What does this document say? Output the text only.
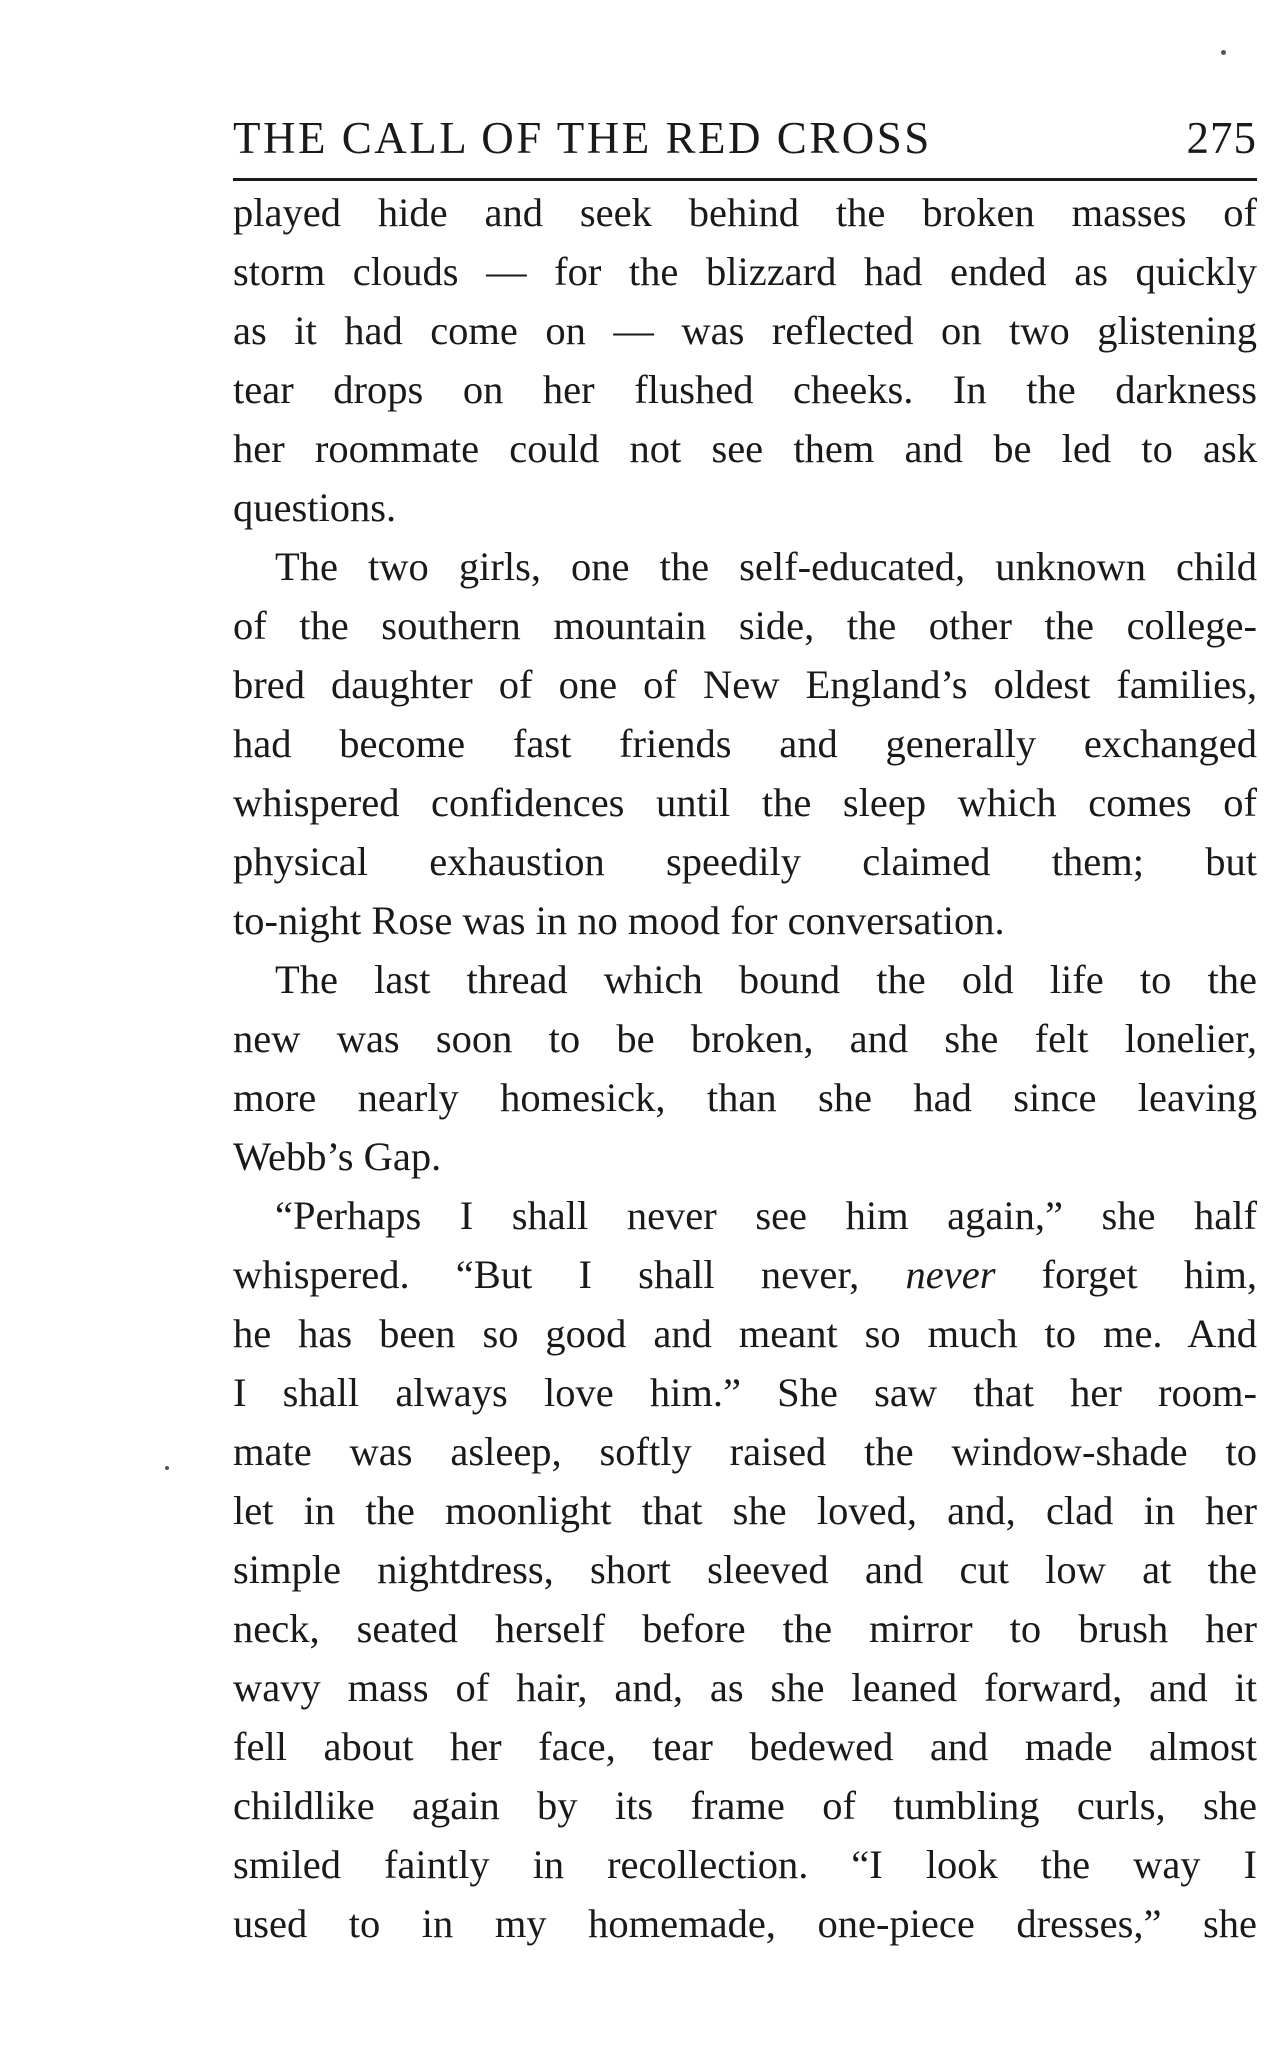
THE CALL OF THE RED CROSS	275
played hide and seek behind the broken masses of
storm clouds — for the blizzard had ended as quickly
as it had come on — was reflected on two glistening
tear drops on her flushed cheeks. In the darkness
her roommate could not see them and be led to ask
questions.
The two girls, one the self-educated, unknown child
of the southern mountain side, the other the college-
bred daughter of one of New England’s oldest families,
had become fast friends and generally exchanged
whispered confidences until the sleep which comes of
physical exhaustion speedily claimed them; but
to-night Rose was in no mood for conversation.
The last thread which bound the old life to the
new was soon to be broken, and she felt lonelier,
more nearly homesick, than she had since leaving
Webb’s Gap.
“Perhaps I shall never see him again,” she half
whispered. “But I shall never, never forget him,
he has been so good and meant so much to me. And
I shall always love him.” She saw that her room-
mate was asleep, softly raised the window-shade to
let in the moonlight that she loved, and, clad in her
simple nightdress, short sleeved and cut low at the
neck, seated herself before the mirror to brush her
wavy mass of hair, and, as she leaned forward, and it
fell about her face, tear bedewed and made almost
childlike again by its frame of tumbling curls, she
smiled faintly in recollection. “I look the way I
used to in my homemade, one-piece dresses,” she
